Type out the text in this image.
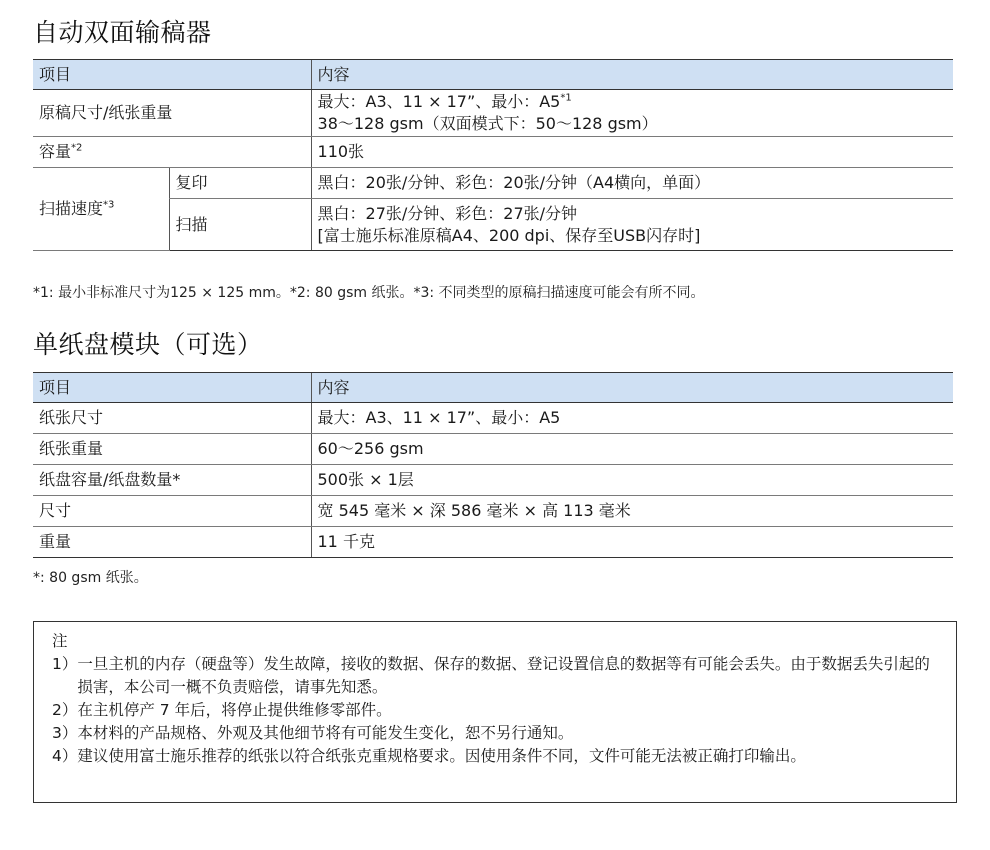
自动双面输稿器
项目		内容
原稿尺寸/纸张重量		最大：A3、11 × 17”、最小：A5$^{*1}$
38～128 gsm（双面模式下：50～128 gsm）

容量$^{*2}$		110张
扫描速度$^{*3}$	复印	黑白：20张/分钟、彩色：20张/分钟（A4横向，单面）
	扫描	黑白：27张/分钟、彩色：27张/分钟
[富士施乐标准原稿A4、200 dpi、保存至USB闪存时]
*1: 最小非标准尺寸为125 × 125 mm。*2: 80 gsm 纸张。*3: 不同类型的原稿扫描速度可能会有所不同。
单纸盘模块（可选）
项目	内容
纸张尺寸	最大：A3、11 × 17”、最小：A5
纸张重量	60～256 gsm
纸盘容量/纸盘数量*	500张 × 1层
尺寸	宽 545 毫米 × 深 586 毫米 × 高 113 毫米
重量	11 千克
*: 80 gsm 纸张。
注
1） 一旦主机的内存（硬盘等）发生故障，接收的数据、保存的数据、登记设置信息的数据等有可能会丢失。由于数据丢失引起的损害，本公司一概不负责赔偿，请事先知悉。
2） 在主机停产 7 年后，将停止提供维修零部件。
3） 本材料的产品规格、外观及其他细节将有可能发生变化，恕不另行通知。
4） 建议使用富士施乐推荐的纸张以符合纸张克重规格要求。因使用条件不同，文件可能无法被正确打印输出。
